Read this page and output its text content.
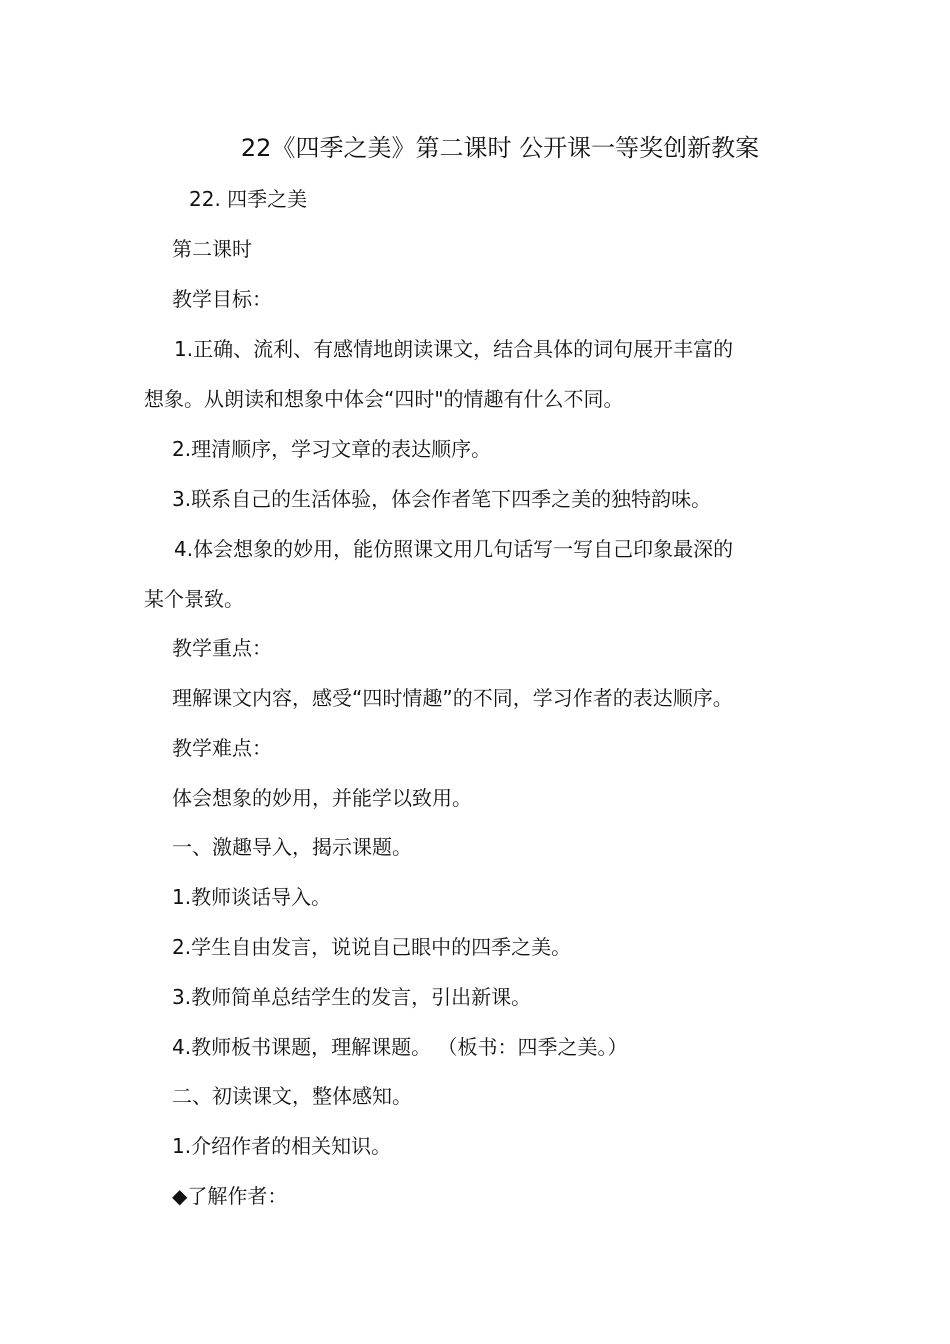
22《四季之美》第二课时 公开课一等奖创新教案
22. 四季之美
第二课时
教学目标：
1.正确、流利、有感情地朗读课文，结合具体的词句展开丰富的
想象。从朗读和想象中体会“四时"的情趣有什么不同。
2.理清顺序，学习文章的表达顺序。
3.联系自己的生活体验，体会作者笔下四季之美的独特韵味。
4.体会想象的妙用，能仿照课文用几句话写一写自己印象最深的
某个景致。
教学重点：
理解课文内容，感受“四时情趣”的不同，学习作者的表达顺序。
教学难点：
体会想象的妙用，并能学以致用。
一、激趣导入，揭示课题。
1.教师谈话导入。
2.学生自由发言，说说自己眼中的四季之美。
3.教师简单总结学生的发言，引出新课。
4.教师板书课题，理解课题。 （板书：四季之美。）
二、初读课文，整体感知。
1.介绍作者的相关知识。
◆了解作者：
